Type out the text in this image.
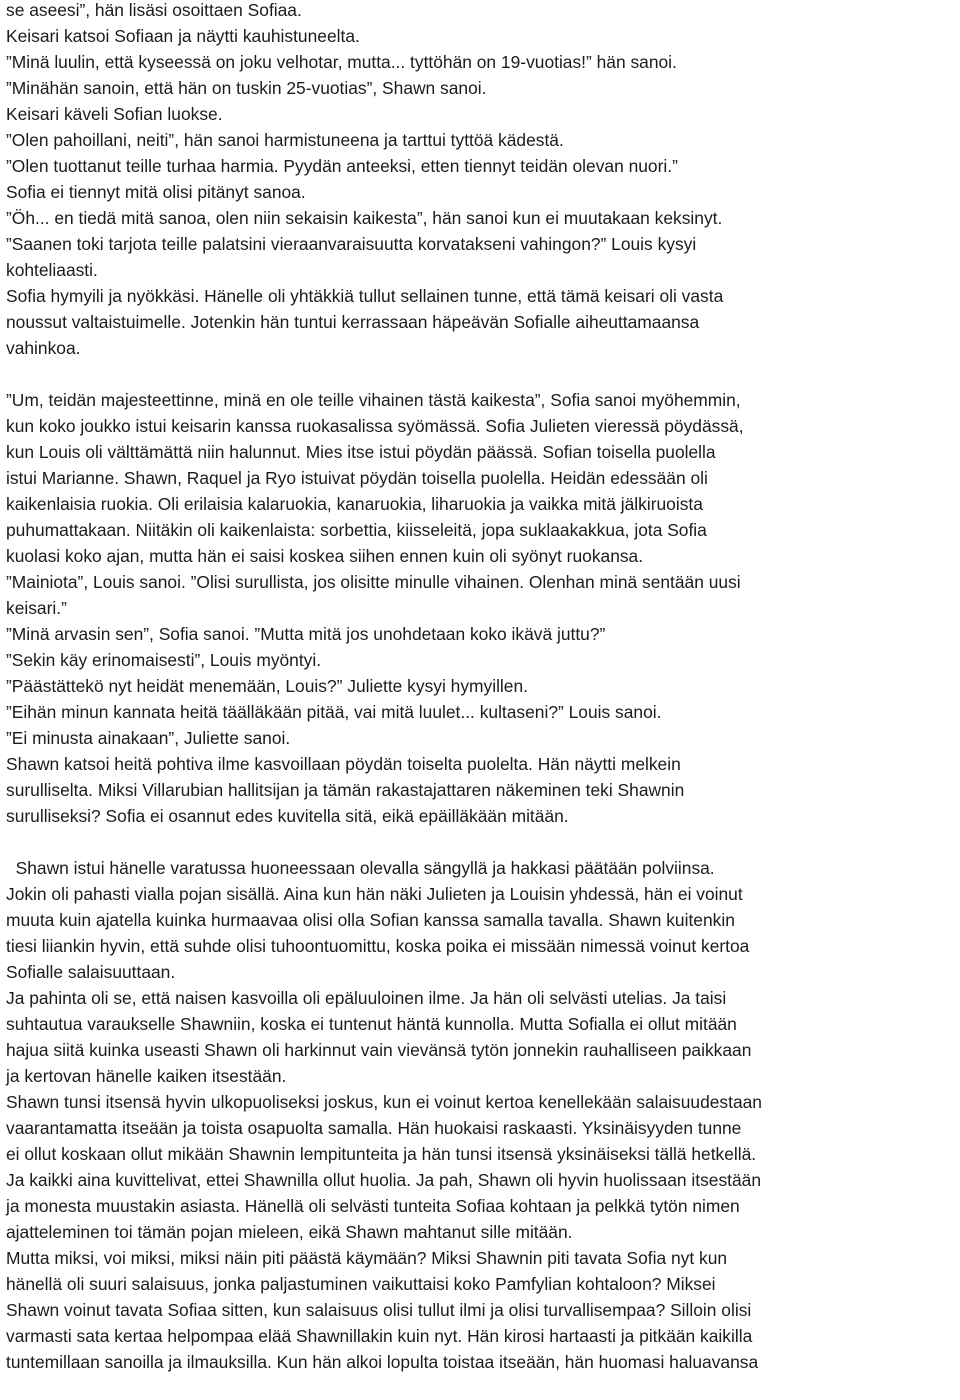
se aseesi”, hän lisäsi osoittaen Sofiaa.
Keisari katsoi Sofiaan ja näytti kauhistuneelta.
”Minä luulin, että kyseessä on joku velhotar, mutta... tyttöhän on 19-vuotias!” hän sanoi.
”Minähän sanoin, että hän on tuskin 25-vuotias”, Shawn sanoi.
Keisari käveli Sofian luokse.
”Olen pahoillani, neiti”, hän sanoi harmistuneena ja tarttui tyttöä kädestä.
”Olen tuottanut teille turhaa harmia. Pyydän anteeksi, etten tiennyt teidän olevan nuori.”
Sofia ei tiennyt mitä olisi pitänyt sanoa.
”Öh... en tiedä mitä sanoa, olen niin sekaisin kaikesta”, hän sanoi kun ei muutakaan keksinyt.
”Saanen toki tarjota teille palatsini vieraanvaraisuutta korvatakseni vahingon?” Louis kysyi
kohteliaasti.
Sofia hymyili ja nyökkäsi. Hänelle oli yhtäkkiä tullut sellainen tunne, että tämä keisari oli vasta
noussut valtaistuimelle. Jotenkin hän tuntui kerrassaan häpeävän Sofialle aiheuttamaansa
vahinkoa.
”Um, teidän majesteettinne, minä en ole teille vihainen tästä kaikesta”, Sofia sanoi myöhemmin,
kun koko joukko istui keisarin kanssa ruokasalissa syömässä. Sofia Julieten vieressä pöydässä,
kun Louis oli välttämättä niin halunnut. Mies itse istui pöydän päässä. Sofian toisella puolella
istui Marianne. Shawn, Raquel ja Ryo istuivat pöydän toisella puolella. Heidän edessään oli
kaikenlaisia ruokia. Oli erilaisia kalaruokia, kanaruokia, liharuokia ja vaikka mitä jälkiruoista
puhumattakaan. Niitäkin oli kaikenlaista: sorbettia, kiisseleitä, jopa suklaakakkua, jota Sofia
kuolasi koko ajan, mutta hän ei saisi koskea siihen ennen kuin oli syönyt ruokansa.
”Mainiota”, Louis sanoi. ”Olisi surullista, jos olisitte minulle vihainen. Olenhan minä sentään uusi
keisari.”
”Minä arvasin sen”, Sofia sanoi. ”Mutta mitä jos unohdetaan koko ikävä juttu?”
”Sekin käy erinomaisesti”, Louis myöntyi.
”Päästättekö nyt heidät menemään, Louis?” Juliette kysyi hymyillen.
”Eihän minun kannata heitä täälläkään pitää, vai mitä luulet... kultaseni?” Louis sanoi.
”Ei minusta ainakaan”, Juliette sanoi.
Shawn katsoi heitä pohtiva ilme kasvoillaan pöydän toiselta puolelta. Hän näytti melkein
surulliselta. Miksi Villarubian hallitsijan ja tämän rakastajattaren näkeminen teki Shawnin
surulliseksi? Sofia ei osannut edes kuvitella sitä, eikä epäilläkään mitään.
Shawn istui hänelle varatussa huoneessaan olevalla sängyllä ja hakkasi päätään polviinsa.
Jokin oli pahasti vialla pojan sisällä. Aina kun hän näki Julieten ja Louisin yhdessä, hän ei voinut
muuta kuin ajatella kuinka hurmaavaa olisi olla Sofian kanssa samalla tavalla. Shawn kuitenkin
tiesi liiankin hyvin, että suhde olisi tuhoontuomittu, koska poika ei missään nimessä voinut kertoa
Sofialle salaisuuttaan.
Ja pahinta oli se, että naisen kasvoilla oli epäluuloinen ilme. Ja hän oli selvästi utelias. Ja taisi
suhtautua varaukselle Shawniin, koska ei tuntenut häntä kunnolla. Mutta Sofialla ei ollut mitään
hajua siitä kuinka useasti Shawn oli harkinnut vain vievänsä tytön jonnekin rauhalliseen paikkaan
ja kertovan hänelle kaiken itsestään.
Shawn tunsi itsensä hyvin ulkopuoliseksi joskus, kun ei voinut kertoa kenellekään salaisuudestaan
vaarantamatta itseään ja toista osapuolta samalla. Hän huokaisi raskaasti. Yksinäisyyden tunne
ei ollut koskaan ollut mikään Shawnin lempitunteita ja hän tunsi itsensä yksinäiseksi tällä hetkellä.
Ja kaikki aina kuvittelivat, ettei Shawnilla ollut huolia. Ja pah, Shawn oli hyvin huolissaan itsestään
ja monesta muustakin asiasta. Hänellä oli selvästi tunteita Sofiaa kohtaan ja pelkkä tytön nimen
ajatteleminen toi tämän pojan mieleen, eikä Shawn mahtanut sille mitään.
Mutta miksi, voi miksi, miksi näin piti päästä käymään? Miksi Shawnin piti tavata Sofia nyt kun
hänellä oli suuri salaisuus, jonka paljastuminen vaikuttaisi koko Pamfylian kohtaloon? Miksei
Shawn voinut tavata Sofiaa sitten, kun salaisuus olisi tullut ilmi ja olisi turvallisempaa? Silloin olisi
varmasti sata kertaa helpompaa elää Shawnillakin kuin nyt. Hän kirosi hartaasti ja pitkään kaikilla
tuntemillaan sanoilla ja ilmauksilla. Kun hän alkoi lopulta toistaa itseään, hän huomasi haluavansa
